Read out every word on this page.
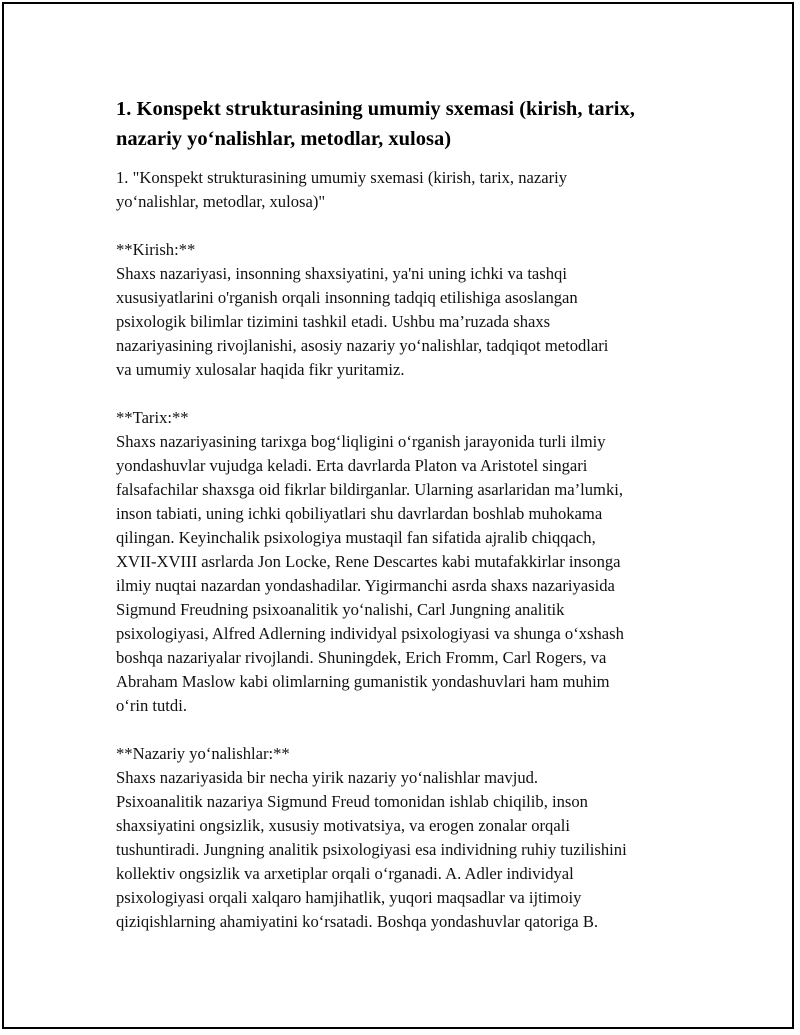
1. Konspekt strukturasining umumiy sxemasi (kirish, tarix,
nazariy yo‘nalishlar, metodlar, xulosa)

1. "Konspekt strukturasining umumiy sxemasi (kirish, tarix, nazariy
yo‘nalishlar, metodlar, xulosa)"

**Kirish:**
Shaxs nazariyasi, insonning shaxsiyatini, ya'ni uning ichki va tashqi
xususiyatlarini o'rganish orqali insonning tadqiq etilishiga asoslangan
psixologik bilimlar tizimini tashkil etadi. Ushbu ma’ruzada shaxs
nazariyasining rivojlanishi, asosiy nazariy yo‘nalishlar, tadqiqot metodlari
va umumiy xulosalar haqida fikr yuritamiz.

**Tarix:**
Shaxs nazariyasining tarixga bog‘liqligini o‘rganish jarayonida turli ilmiy
yondashuvlar vujudga keladi. Erta davrlarda Platon va Aristotel singari
falsafachilar shaxsga oid fikrlar bildirganlar. Ularning asarlaridan ma’lumki,
inson tabiati, uning ichki qobiliyatlari shu davrlardan boshlab muhokama
qilingan. Keyinchalik psixologiya mustaqil fan sifatida ajralib chiqqach,
XVII-XVIII asrlarda Jon Locke, Rene Descartes kabi mutafakkirlar insonga
ilmiy nuqtai nazardan yondashadilar. Yigirmanchi asrda shaxs nazariyasida
Sigmund Freudning psixoanalitik yo‘nalishi, Carl Jungning analitik
psixologiyasi, Alfred Adlerning individyal psixologiyasi va shunga o‘xshash
boshqa nazariyalar rivojlandi. Shuningdek, Erich Fromm, Carl Rogers, va
Abraham Maslow kabi olimlarning gumanistik yondashuvlari ham muhim
o‘rin tutdi.

**Nazariy yo‘nalishlar:**
Shaxs nazariyasida bir necha yirik nazariy yo‘nalishlar mavjud.
Psixoanalitik nazariya Sigmund Freud tomonidan ishlab chiqilib, inson
shaxsiyatini ongsizlik, xususiy motivatsiya, va erogen zonalar orqali
tushuntiradi. Jungning analitik psixologiyasi esa individning ruhiy tuzilishini
kollektiv ongsizlik va arxetiplar orqali o‘rganadi. A. Adler individyal
psixologiyasi orqali xalqaro hamjihatlik, yuqori maqsadlar va ijtimoiy
qiziqishlarning ahamiyatini ko‘rsatadi. Boshqa yondashuvlar qatoriga B.
